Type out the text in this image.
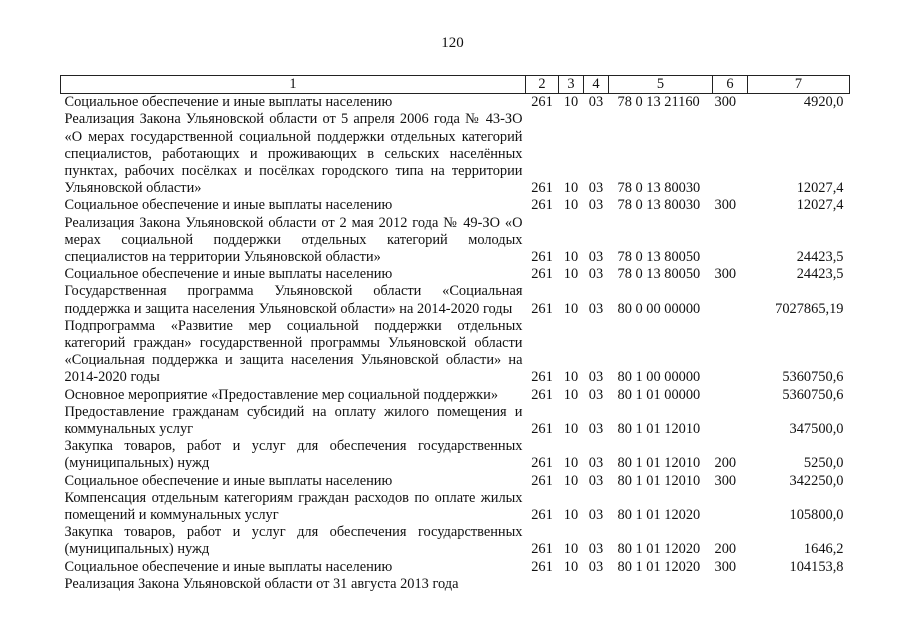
120
1	2	3	4	5	6	7
Социальное обеспечение и иные выплаты населению	261	10	03	78 0 13 21160	300	4920,0
Реализация Закона Ульяновской области от 5 апреля 2006 года № 43-ЗО «О мерах государственной социальной поддержки отдельных категорий специалистов, работающих и проживающих в сельских населённых пунктах, рабочих посёлках и посёлках городского типа на территории Ульяновской области»	261	10	03	78 0 13 80030		12027,4
Социальное обеспечение и иные выплаты населению	261	10	03	78 0 13 80030	300	12027,4
Реализация Закона Ульяновской области от 2 мая 2012 года № 49-ЗО «О мерах социальной поддержки отдельных категорий молодых специалистов на территории Ульяновской области»	261	10	03	78 0 13 80050		24423,5
Социальное обеспечение и иные выплаты населению	261	10	03	78 0 13 80050	300	24423,5
Государственная программа Ульяновской области «Социальная поддержка и защита населения Ульяновской области» на 2014-2020 годы	261	10	03	80 0 00 00000		7027865,19
Подпрограмма «Развитие мер социальной поддержки отдельных категорий граждан» государственной программы Ульяновской области «Социальная поддержка и защита населения Ульяновской области» на 2014-2020 годы	261	10	03	80 1 00 00000		5360750,6
Основное мероприятие «Предоставление мер социальной поддержки»	261	10	03	80 1 01 00000		5360750,6
Предоставление гражданам субсидий на оплату жилого помещения и коммунальных услуг	261	10	03	80 1 01 12010		347500,0
Закупка товаров, работ и услуг для обеспечения государственных (муниципальных) нужд	261	10	03	80 1 01 12010	200	5250,0
Социальное обеспечение и иные выплаты населению	261	10	03	80 1 01 12010	300	342250,0
Компенсация отдельным категориям граждан расходов по оплате жилых помещений и коммунальных услуг	261	10	03	80 1 01 12020		105800,0
Закупка товаров, работ и услуг для обеспечения государственных (муниципальных) нужд	261	10	03	80 1 01 12020	200	1646,2
Социальное обеспечение и иные выплаты населению	261	10	03	80 1 01 12020	300	104153,8
Реализация Закона Ульяновской области от 31 августа 2013 года						
